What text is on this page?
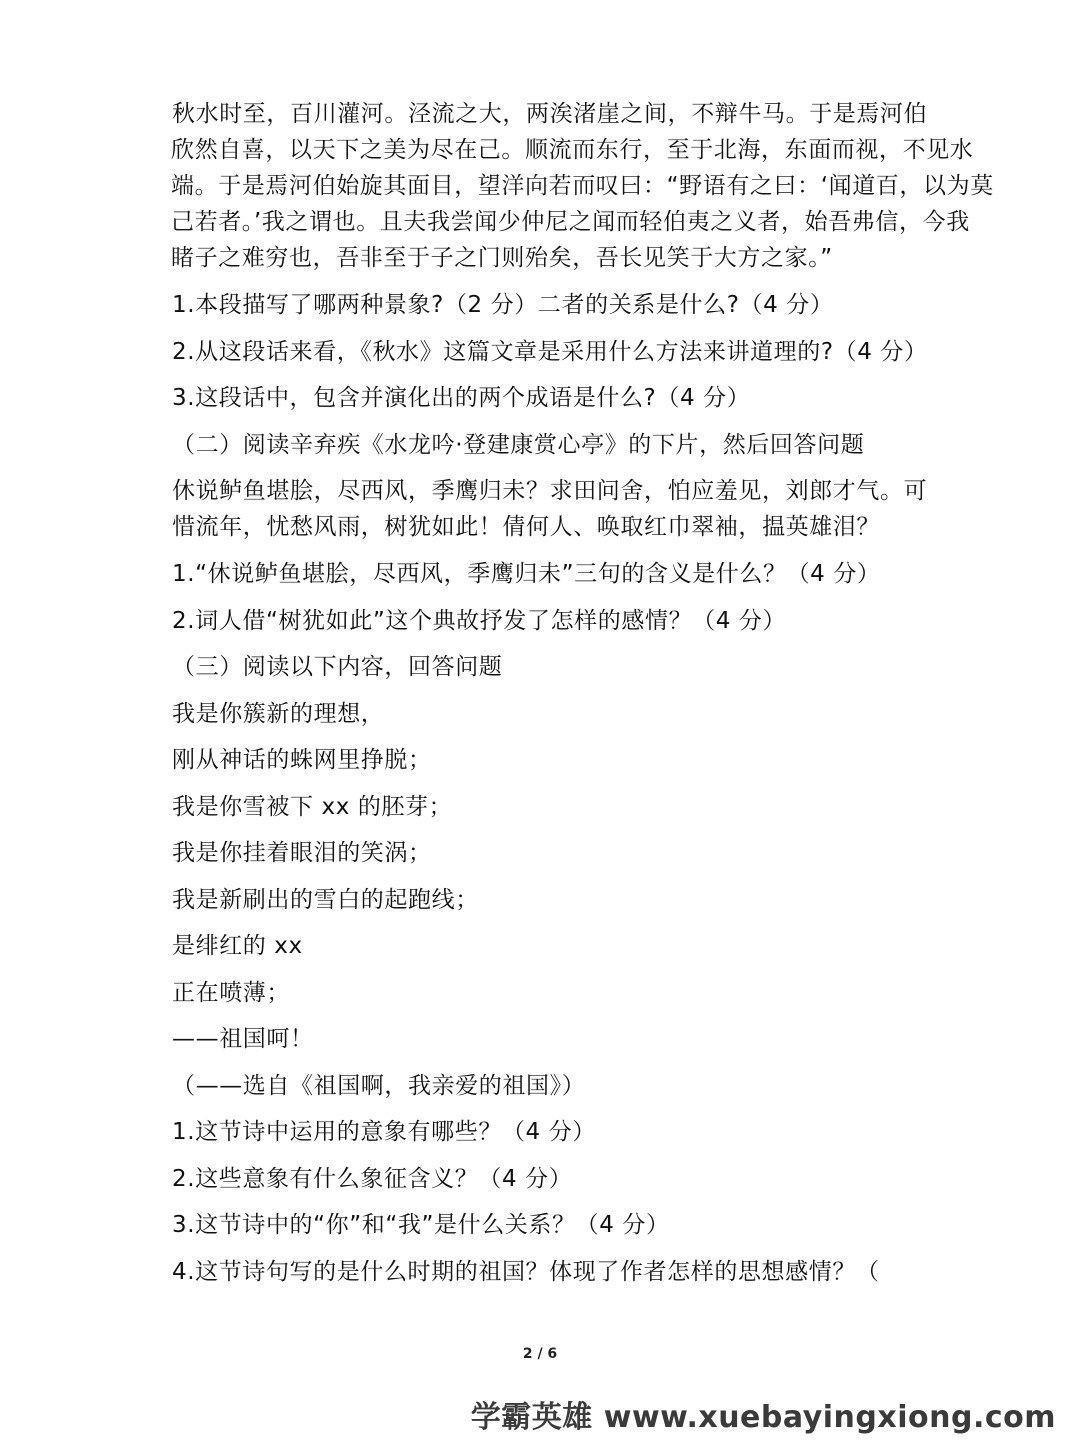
秋水时至，百川灌河。泾流之大，两涘渚崖之间，不辩牛马。于是焉河伯
欣然自喜，以天下之美为尽在己。顺流而东行，至于北海，东面而视，不见水
端。于是焉河伯始旋其面目，望洋向若而叹曰：“野语有之曰：‘闻道百，以为莫
己若者。’我之谓也。且夫我尝闻少仲尼之闻而轻伯夷之义者，始吾弗信，今我
睹子之难穷也，吾非至于子之门则殆矣，吾长见笑于大方之家。”
1.本段描写了哪两种景象?（2 分）二者的关系是什么?（4 分）
2.从这段话来看，《秋水》这篇文章是采用什么方法来讲道理的?（4 分）
3.这段话中，包含并演化出的两个成语是什么?（4 分）
（二）阅读辛弃疾《水龙吟·登建康赏心亭》的下片，然后回答问题
休说鲈鱼堪脍，尽西风，季鹰归未？求田问舍，怕应羞见，刘郎才气。可
惜流年，忧愁风雨，树犹如此！倩何人、唤取红巾翠袖，揾英雄泪？
1.“休说鲈鱼堪脍，尽西风，季鹰归未”三句的含义是什么？（4 分）
2.词人借“树犹如此”这个典故抒发了怎样的感情？（4 分）
（三）阅读以下内容，回答问题
我是你簇新的理想，
刚从神话的蛛网里挣脱；
我是你雪被下 xx 的胚芽；
我是你挂着眼泪的笑涡；
我是新刷出的雪白的起跑线；
是绯红的 xx
正在喷薄；
——祖国呵！
（——选自《祖国啊，我亲爱的祖国》）
1.这节诗中运用的意象有哪些？（4 分）
2.这些意象有什么象征含义？（4 分）
3.这节诗中的“你”和“我”是什么关系？（4 分）
4.这节诗句写的是什么时期的祖国？体现了作者怎样的思想感情？（
2 / 6
学霸英雄 www.xuebayingxiong.com
